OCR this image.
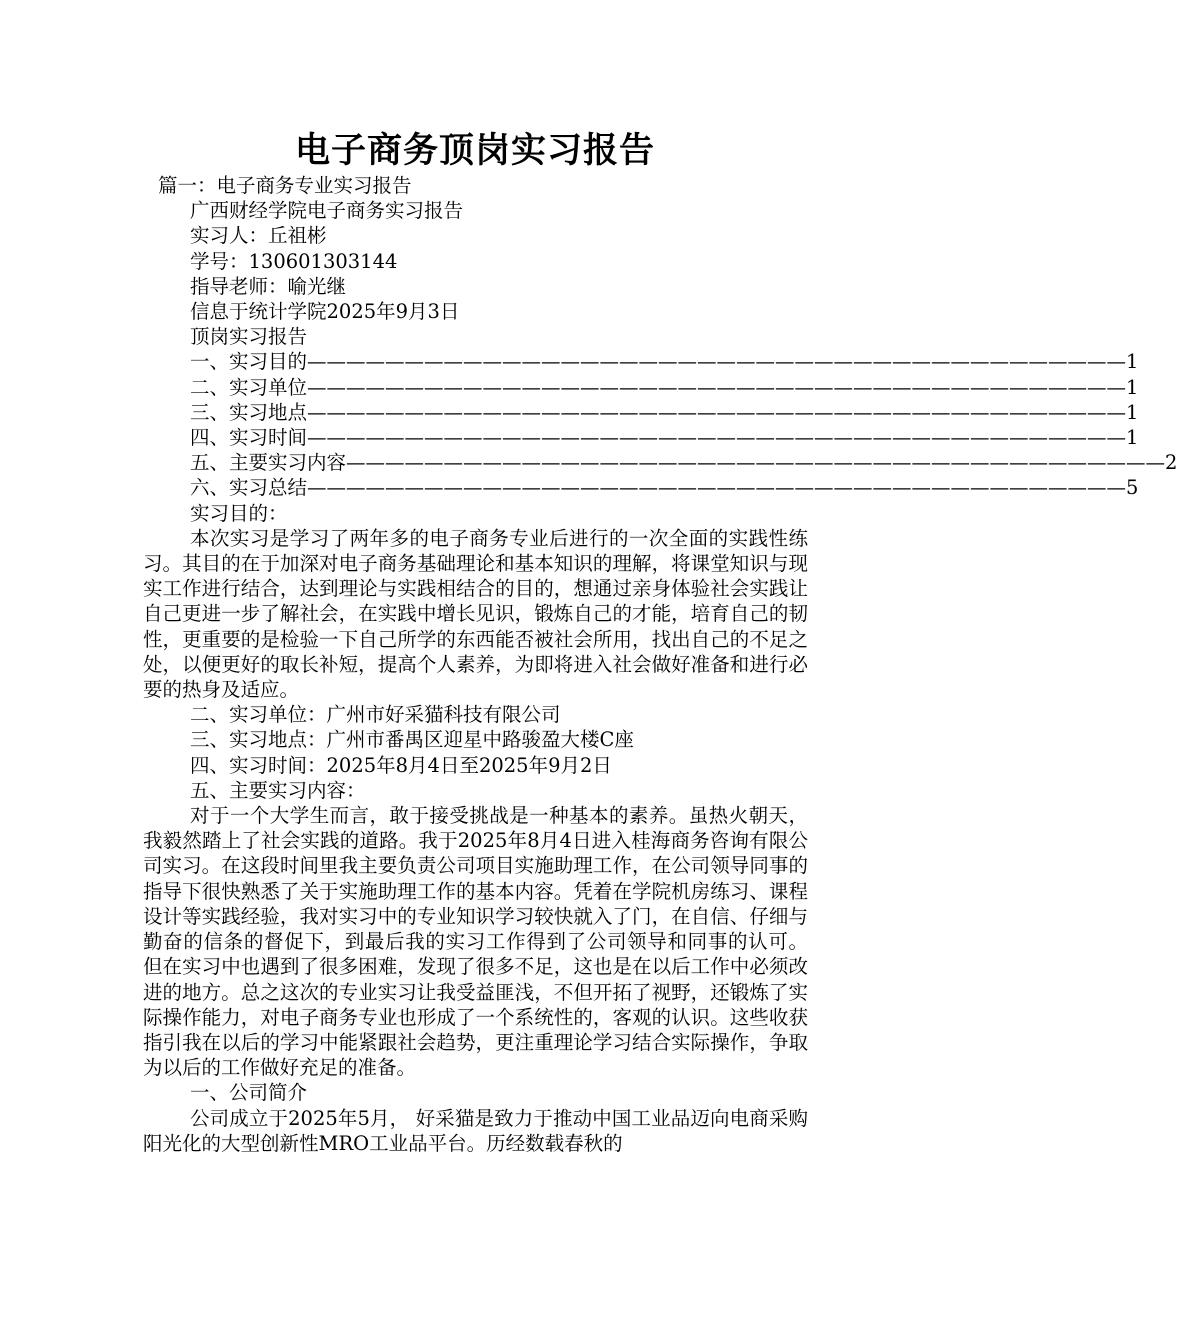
电子商务顶岗实习报告
篇一：电子商务专业实习报告
广西财经学院电子商务实习报告
实习人：丘祖彬
学号：130601303144
指导老师：喻光继
信息于统计学院2025年9月3日
顶岗实习报告
一、实习目的 —————————————————————————————————————————— 1
二、实习单位 —————————————————————————————————————————— 1
三、实习地点 —————————————————————————————————————————— 1
四、实习时间 —————————————————————————————————————————— 1
五、主要实习内容 —————————————————————————————————————————— 2
六、实习总结 —————————————————————————————————————————— 5
实习目的：
本次实习是学习了两年多的电子商务专业后进行的一次全面的实践性练习。其目的在于加深对电子商务基础理论和基本知识的理解，将课堂知识与现实工作进行结合，达到理论与实践相结合的目的，想通过亲身体验社会实践让自己更进一步了解社会，在实践中增长见识，锻炼自己的才能，培育自己的韧性，更重要的是检验一下自己所学的东西能否被社会所用，找出自己的不足之处，以便更好的取长补短，提高个人素养，为即将进入社会做好准备和进行必要的热身及适应。
二、实习单位：广州市好采猫科技有限公司
三、实习地点：广州市番禺区迎星中路骏盈大楼C座
四、实习时间：2025年8月4日至2025年9月2日
五、主要实习内容：
对于一个大学生而言，敢于接受挑战是一种基本的素养。虽热火朝天，我毅然踏上了社会实践的道路。我于2025年8月4日进入桂海商务咨询有限公司实习。在这段时间里我主要负责公司项目实施助理工作，在公司领导同事的指导下很快熟悉了关于实施助理工作的基本内容。凭着在学院机房练习、课程设计等实践经验，我对实习中的专业知识学习较快就入了门，在自信、仔细与勤奋的信条的督促下，到最后我的实习工作得到了公司领导和同事的认可。 但在实习中也遇到了很多困难，发现了很多不足，这也是在以后工作中必须改进的地方。总之这次的专业实习让我受益匪浅，不但开拓了视野，还锻炼了实际操作能力，对电子商务专业也形成了一个系统性的，客观的认识。这些收获指引我在以后的学习中能紧跟社会趋势，更注重理论学习结合实际操作，争取为以后的工作做好充足的准备。
一、公司简介
公司成立于2025年5月， 好采猫是致力于推动中国工业品迈向电商采购阳光化的大型创新性MRO工业品平台。历经数载春秋的
